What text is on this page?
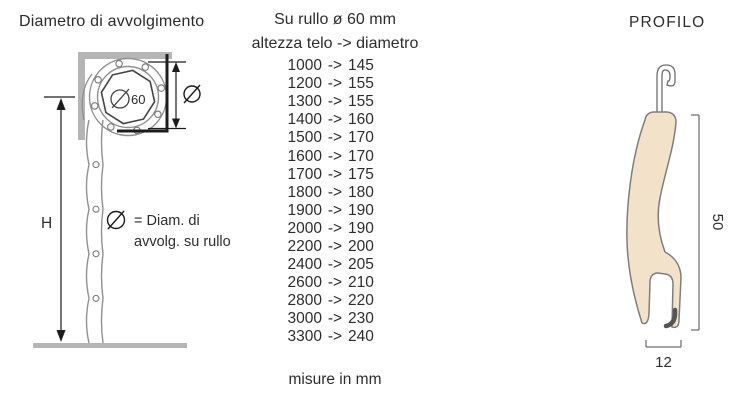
Diametro di avvolgimento
60
H	= Diam. di
avvolg. su rullo
Su rullo ø 60 mm
altezza telo -> diametro
1000 -> 145
1200 -> 155
1300 -> 155
1400 -> 160
1500 -> 170
1600 -> 170
1700 -> 175
1800 -> 180
1900 -> 190
2000 -> 190
2200 -> 200
2400 -> 205
2600 -> 210
2800 -> 220
3000 -> 230
3300 -> 240
misure in mm
PROFILO
50
12
